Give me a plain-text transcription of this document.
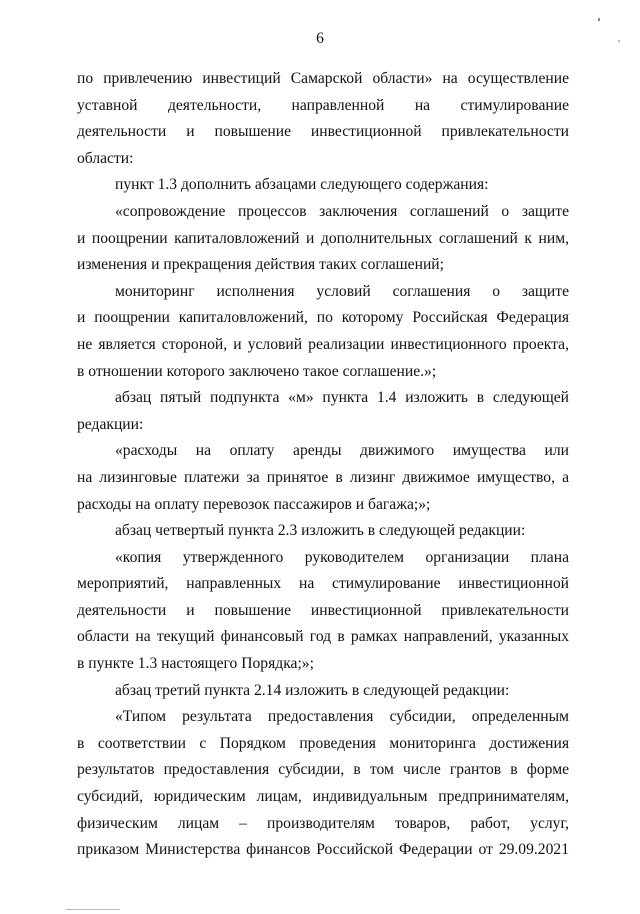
6
по привлечению инвестиций Самарской области» на осуществление
уставной деятельности, направленной на стимулирование
деятельности и повышение инвестиционной привлекательности
области:
пункт 1.3 дополнить абзацами следующего содержания:
«сопровождение процессов заключения соглашений о защите
и поощрении капиталовложений и дополнительных соглашений к ним,
изменения и прекращения действия таких соглашений;
мониторинг исполнения условий соглашения о защите
и поощрении капиталовложений, по которому Российская Федерация
не является стороной, и условий реализации инвестиционного проекта,
в отношении которого заключено такое соглашение.»;
абзац пятый подпункта «м» пункта 1.4 изложить в следующей
редакции:
«расходы на оплату аренды движимого имущества или
на лизинговые платежи за принятое в лизинг движимое имущество, а
расходы на оплату перевозок пассажиров и багажа;»;
абзац четвертый пункта 2.3 изложить в следующей редакции:
«копия утвержденного руководителем организации плана
мероприятий, направленных на стимулирование инвестиционной
деятельности и повышение инвестиционной привлекательности
области на текущий финансовый год в рамках направлений, указанных
в пункте 1.3 настоящего Порядка;»;
абзац третий пункта 2.14 изложить в следующей редакции:
«Типом результата предоставления субсидии, определенным
в соответствии с Порядком проведения мониторинга достижения
результатов предоставления субсидии, в том числе грантов в форме
субсидий, юридическим лицам, индивидуальным предпринимателям,
физическим лицам – производителям товаров, работ, услуг,
приказом Министерства финансов Российской Федерации от 29.09.2021
